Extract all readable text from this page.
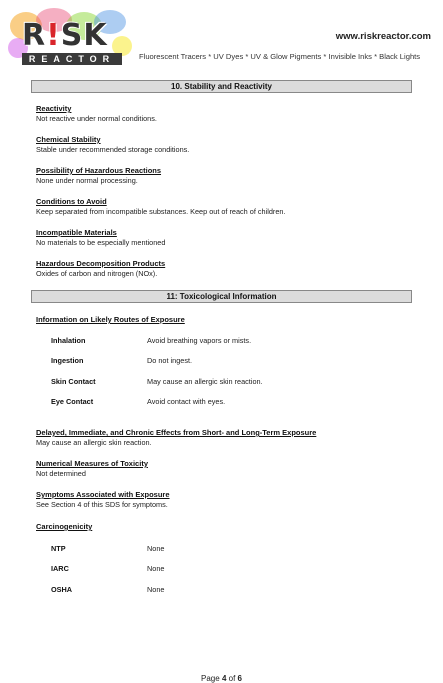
R!SK
REACTOR
www.riskreactor.com
Fluorescent Tracers * UV Dyes * UV & Glow Pigments * Invisible Inks * Black Lights
10. Stability and Reactivity
Reactivity
Not reactive under normal conditions.
Chemical Stability
Stable under recommended storage conditions.
Possibility of Hazardous Reactions
None under normal processing.
Conditions to Avoid
Keep separated from incompatible substances. Keep out of reach of children.
Incompatible Materials
No materials to be especially mentioned
Hazardous Decomposition Products
Oxides of carbon and nitrogen (NOx).
11: Toxicological Information
Information on Likely Routes of Exposure
Inhalation	Avoid breathing vapors or mists.
Ingestion	Do not ingest.
Skin Contact	May cause an allergic skin reaction.
Eye Contact	Avoid contact with eyes.
Delayed, Immediate, and Chronic Effects from Short- and Long-Term Exposure
May cause an allergic skin reaction.
Numerical Measures of Toxicity
Not determined
Symptoms Associated with Exposure
See Section 4 of this SDS for symptoms.
Carcinogenicity
NTP	None
IARC	None
OSHA	None
Page 4 of 6
